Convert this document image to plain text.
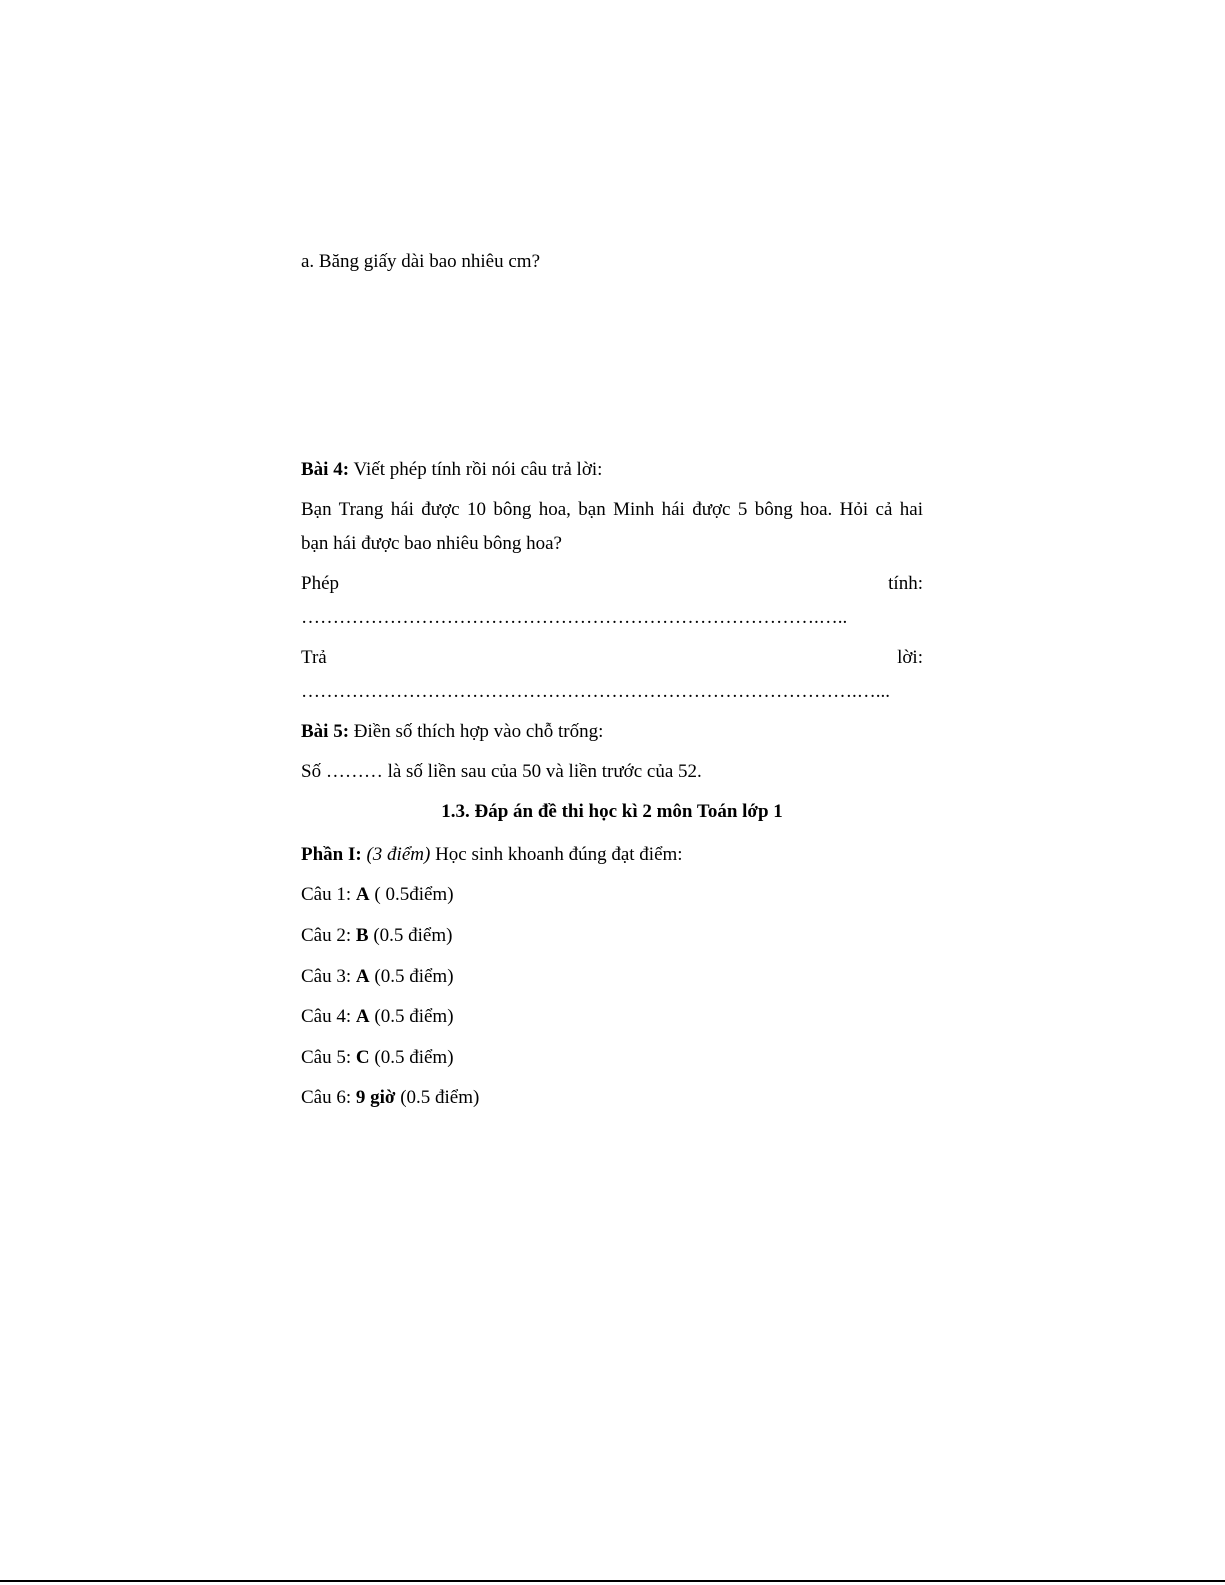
a. Băng giấy dài bao nhiêu cm?
Bài 4: Viết phép tính rồi nói câu trả lời:
Bạn Trang hái được 10 bông hoa, bạn Minh hái được 5 bông hoa. Hỏi cả hai
bạn hái được bao nhiêu bông hoa?
Phép	tính:
……………………………………………………………………….…..
Trả	lời:
…………………………………………………………………………….…...
Bài 5: Điền số thích hợp vào chỗ trống:
Số ……… là số liền sau của 50 và liền trước của 52.
1.3. Đáp án đề thi học kì 2 môn Toán lớp 1
Phần I: (3 điểm) Học sinh khoanh đúng đạt điểm:
Câu 1: A ( 0.5điểm)
Câu 2: B (0.5 điểm)
Câu 3: A (0.5 điểm)
Câu 4: A (0.5 điểm)
Câu 5: C (0.5 điểm)
Câu 6: 9 giờ (0.5 điểm)
